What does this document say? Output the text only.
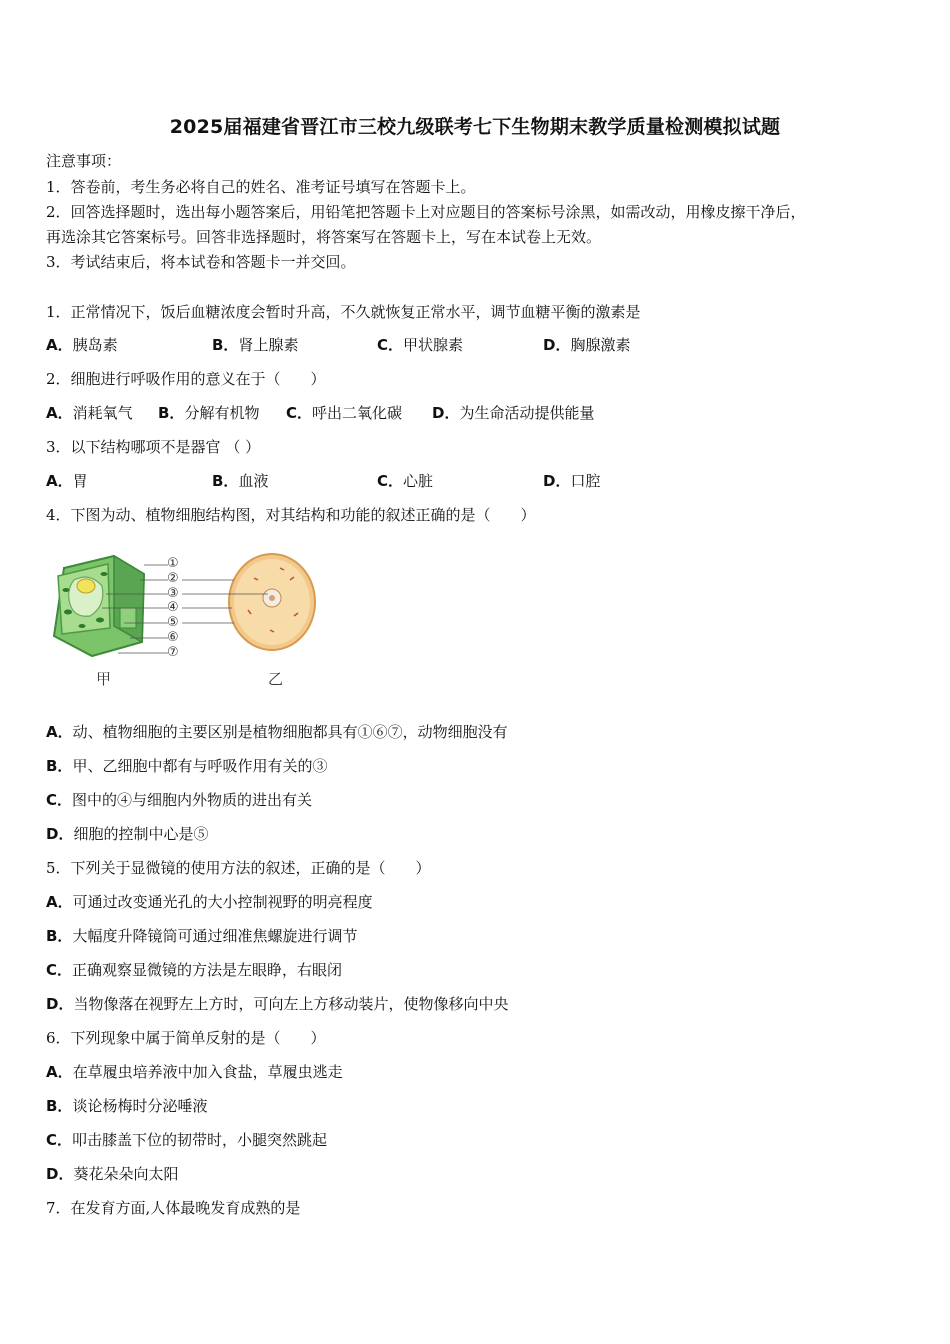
2025届福建省晋江市三校九级联考七下生物期末教学质量检测模拟试题
注意事项：
1．答卷前，考生务必将自己的姓名、准考证号填写在答题卡上。
2．回答选择题时，选出每小题答案后，用铅笔把答题卡上对应题目的答案标号涂黑，如需改动，用橡皮擦干净后，
再选涂其它答案标号。回答非选择题时，将答案写在答题卡上，写在本试卷上无效。
3．考试结束后，将本试卷和答题卡一并交回。
1．正常情况下，饭后血糖浓度会暂时升高，不久就恢复正常水平，调节血糖平衡的激素是
A．胰岛素	B．肾上腺素	C．甲状腺素	D．胸腺激素
2．细胞进行呼吸作用的意义在于（　　）
A．消耗氧气 B．分解有机物 C．呼出二氧化碳 D．为生命活动提供能量
3．以下结构哪项不是器官 （ ）
A．胃	B．血液	C．心脏	D．口腔
4．下图为动、植物细胞结构图，对其结构和功能的叙述正确的是（　　）
①
②
③
④
⑤
⑥
⑦
甲	乙
A．动、植物细胞的主要区别是植物细胞都具有①⑥⑦，动物细胞没有
B．甲、乙细胞中都有与呼吸作用有关的③
C．图中的④与细胞内外物质的进出有关
D．细胞的控制中心是⑤
5．下列关于显微镜的使用方法的叙述，正确的是（　　）
A．可通过改变通光孔的大小控制视野的明亮程度
B．大幅度升降镜筒可通过细准焦螺旋进行调节
C．正确观察显微镜的方法是左眼睁，右眼闭
D．当物像落在视野左上方时，可向左上方移动装片，使物像移向中央
6．下列现象中属于简单反射的是（　　）
A．在草履虫培养液中加入食盐，草履虫逃走
B．谈论杨梅时分泌唾液
C．叩击膝盖下位的韧带时，小腿突然跳起
D．葵花朵朵向太阳
7．在发育方面,人体最晚发育成熟的是
